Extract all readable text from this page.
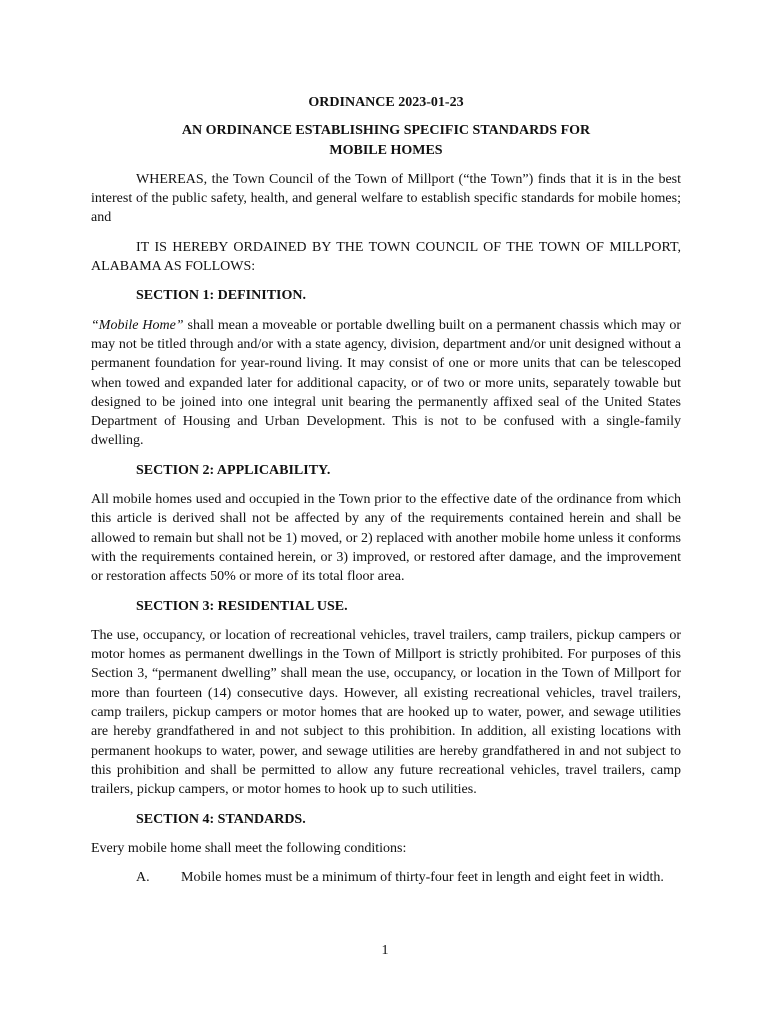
ORDINANCE 2023-01-23
AN ORDINANCE ESTABLISHING SPECIFIC STANDARDS FOR
MOBILE HOMES

WHEREAS, the Town Council of the Town of Millport (“the Town”) finds that it is in the best interest of the public safety, health, and general welfare to establish specific standards for mobile homes; and

IT IS HEREBY ORDAINED BY THE TOWN COUNCIL OF THE TOWN OF MILLPORT, ALABAMA AS FOLLOWS:

SECTION 1: DEFINITION.

“Mobile Home” shall mean a moveable or portable dwelling built on a permanent chassis which may or may not be titled through and/or with a state agency, division, department and/or unit designed without a permanent foundation for year-round living. It may consist of one or more units that can be telescoped when towed and expanded later for additional capacity, or of two or more units, separately towable but designed to be joined into one integral unit bearing the permanently affixed seal of the United States Department of Housing and Urban Development. This is not to be confused with a single-family dwelling.

SECTION 2: APPLICABILITY.

All mobile homes used and occupied in the Town prior to the effective date of the ordinance from which this article is derived shall not be affected by any of the requirements contained herein and shall be allowed to remain but shall not be 1) moved, or 2) replaced with another mobile home unless it conforms with the requirements contained herein, or 3) improved, or restored after damage, and the improvement or restoration affects 50% or more of its total floor area.

SECTION 3: RESIDENTIAL USE.

The use, occupancy, or location of recreational vehicles, travel trailers, camp trailers, pickup campers or motor homes as permanent dwellings in the Town of Millport is strictly prohibited. For purposes of this Section 3, “permanent dwelling” shall mean the use, occupancy, or location in the Town of Millport for more than fourteen (14) consecutive days. However, all existing recreational vehicles, travel trailers, camp trailers, pickup campers or motor homes that are hooked up to water, power, and sewage utilities are hereby grandfathered in and not subject to this prohibition. In addition, all existing locations with permanent hookups to water, power, and sewage utilities are hereby grandfathered in and not subject to this prohibition and shall be permitted to allow any future recreational vehicles, travel trailers, camp trailers, pickup campers, or motor homes to hook up to such utilities.

SECTION 4: STANDARDS.

Every mobile home shall meet the following conditions:

A. Mobile homes must be a minimum of thirty-four feet in length and eight feet in width.

1
